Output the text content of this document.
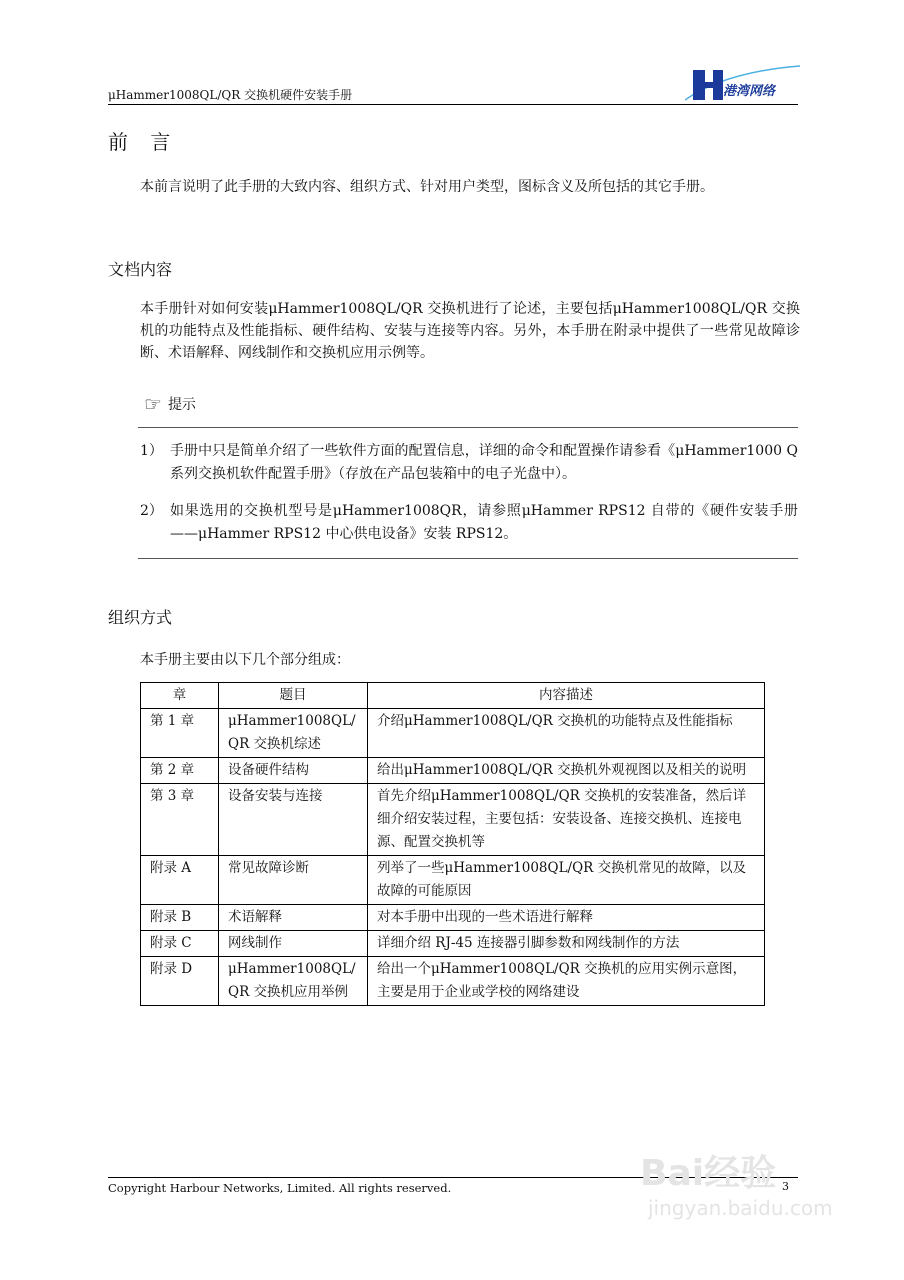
μHammer1008QL/QR 交换机硬件安装手册	港湾网络
前 言
本前言说明了此手册的大致内容、组织方式、针对用户类型，图标含义及所包括的其它手册。
文档内容
本手册针对如何安装μHammer1008QL/QR 交换机进行了论述，主要包括μHammer1008QL/QR 交换机的功能特点及性能指标、硬件结构、安装与连接等内容。另外，本手册在附录中提供了一些常见故障诊断、术语解释、网线制作和交换机应用示例等。
☞ 提示
1） 手册中只是简单介绍了一些软件方面的配置信息，详细的命令和配置操作请参看《μHammer1000 Q 系列交换机软件配置手册》（存放在产品包装箱中的电子光盘中）。
2） 如果选用的交换机型号是μHammer1008QR，请参照μHammer RPS12 自带的《硬件安装手册——μHammer RPS12 中心供电设备》安装 RPS12。
组织方式
本手册主要由以下几个部分组成：
章	题目	内容描述
第 1 章	μHammer1008QL/QR 交换机综述	介绍μHammer1008QL/QR 交换机的功能特点及性能指标
第 2 章	设备硬件结构	给出μHammer1008QL/QR 交换机外观视图以及相关的说明
第 3 章	设备安装与连接	首先介绍μHammer1008QL/QR 交换机的安装准备，然后详细介绍安装过程，主要包括：安装设备、连接交换机、连接电源、配置交换机等
附录 A	常见故障诊断	列举了一些μHammer1008QL/QR 交换机常见的故障，以及故障的可能原因
附录 B	术语解释	对本手册中出现的一些术语进行解释
附录 C	网线制作	详细介绍 RJ-45 连接器引脚参数和网线制作的方法
附录 D	μHammer1008QL/QR 交换机应用举例	给出一个μHammer1008QL/QR 交换机的应用实例示意图，主要是用于企业或学校的网络建设
Copyright Harbour Networks, Limited. All rights reserved.	3
Bai经验
jingyan.baidu.com
